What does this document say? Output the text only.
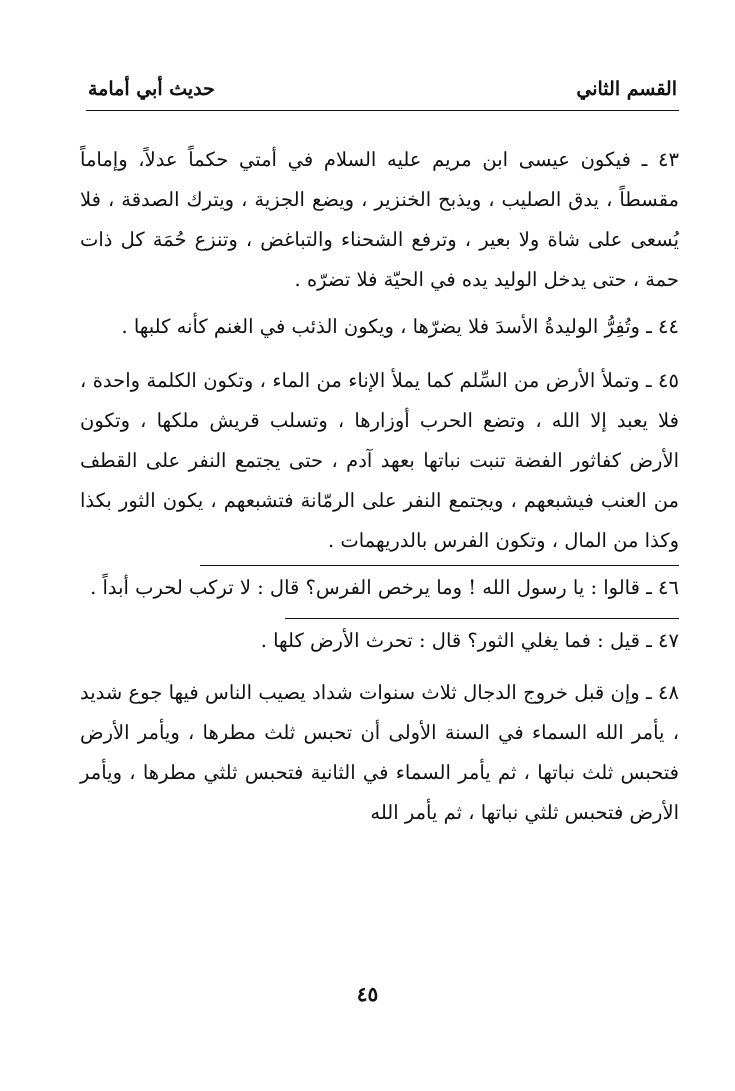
القسم الثاني
حديث أبي أمامة

٤٣ ـ فيكون عيسى ابن مريم عليه السلام في أمتي حكماً عدلاً، وإماماً مقسطاً ، يدق الصليب ، ويذبح الخنزير ، ويضع الجزية ، ويترك الصدقة ، فلا يُسعى على شاة ولا بعير ، وترفع الشحناء والتباغض ، وتنزع حُمَة كل ذات حمة ، حتى يدخل الوليد يده في الحيّة فلا تضرّه .

٤٤ ـ وتُفِرُّ الوليدةُ الأسدَ فلا يضرّها ، ويكون الذئب في الغنم كأنه كلبها .

٤٥ ـ وتملأ الأرض من السِّلم كما يملأ الإناء من الماء ، وتكون الكلمة واحدة ، فلا يعبد إلا الله ، وتضع الحرب أوزارها ، وتسلب قريش ملكها ، وتكون الأرض كفاثور الفضة تنبت نباتها بعهد آدم ، حتى يجتمع النفر على القطف من العنب فيشبعهم ، ويجتمع النفر على الرمّانة فتشبعهم ، يكون الثور بكذا وكذا من المال ، وتكون الفرس بالدريهمات .

٤٦ ـ قالوا : يا رسول الله ! وما يرخص الفرس؟ قال : لا تركب لحرب أبداً .

٤٧ ـ قيل : فما يغلي الثور؟ قال : تحرث الأرض كلها .

٤٨ ـ وإن قبل خروج الدجال ثلاث سنوات شداد يصيب الناس فيها جوع شديد ، يأمر الله السماء في السنة الأولى أن تحبس ثلث مطرها ، ويأمر الأرض فتحبس ثلث نباتها ، ثم يأمر السماء في الثانية فتحبس ثلثي مطرها ، ويأمر الأرض فتحبس ثلثي نباتها ، ثم يأمر الله

٤٥
